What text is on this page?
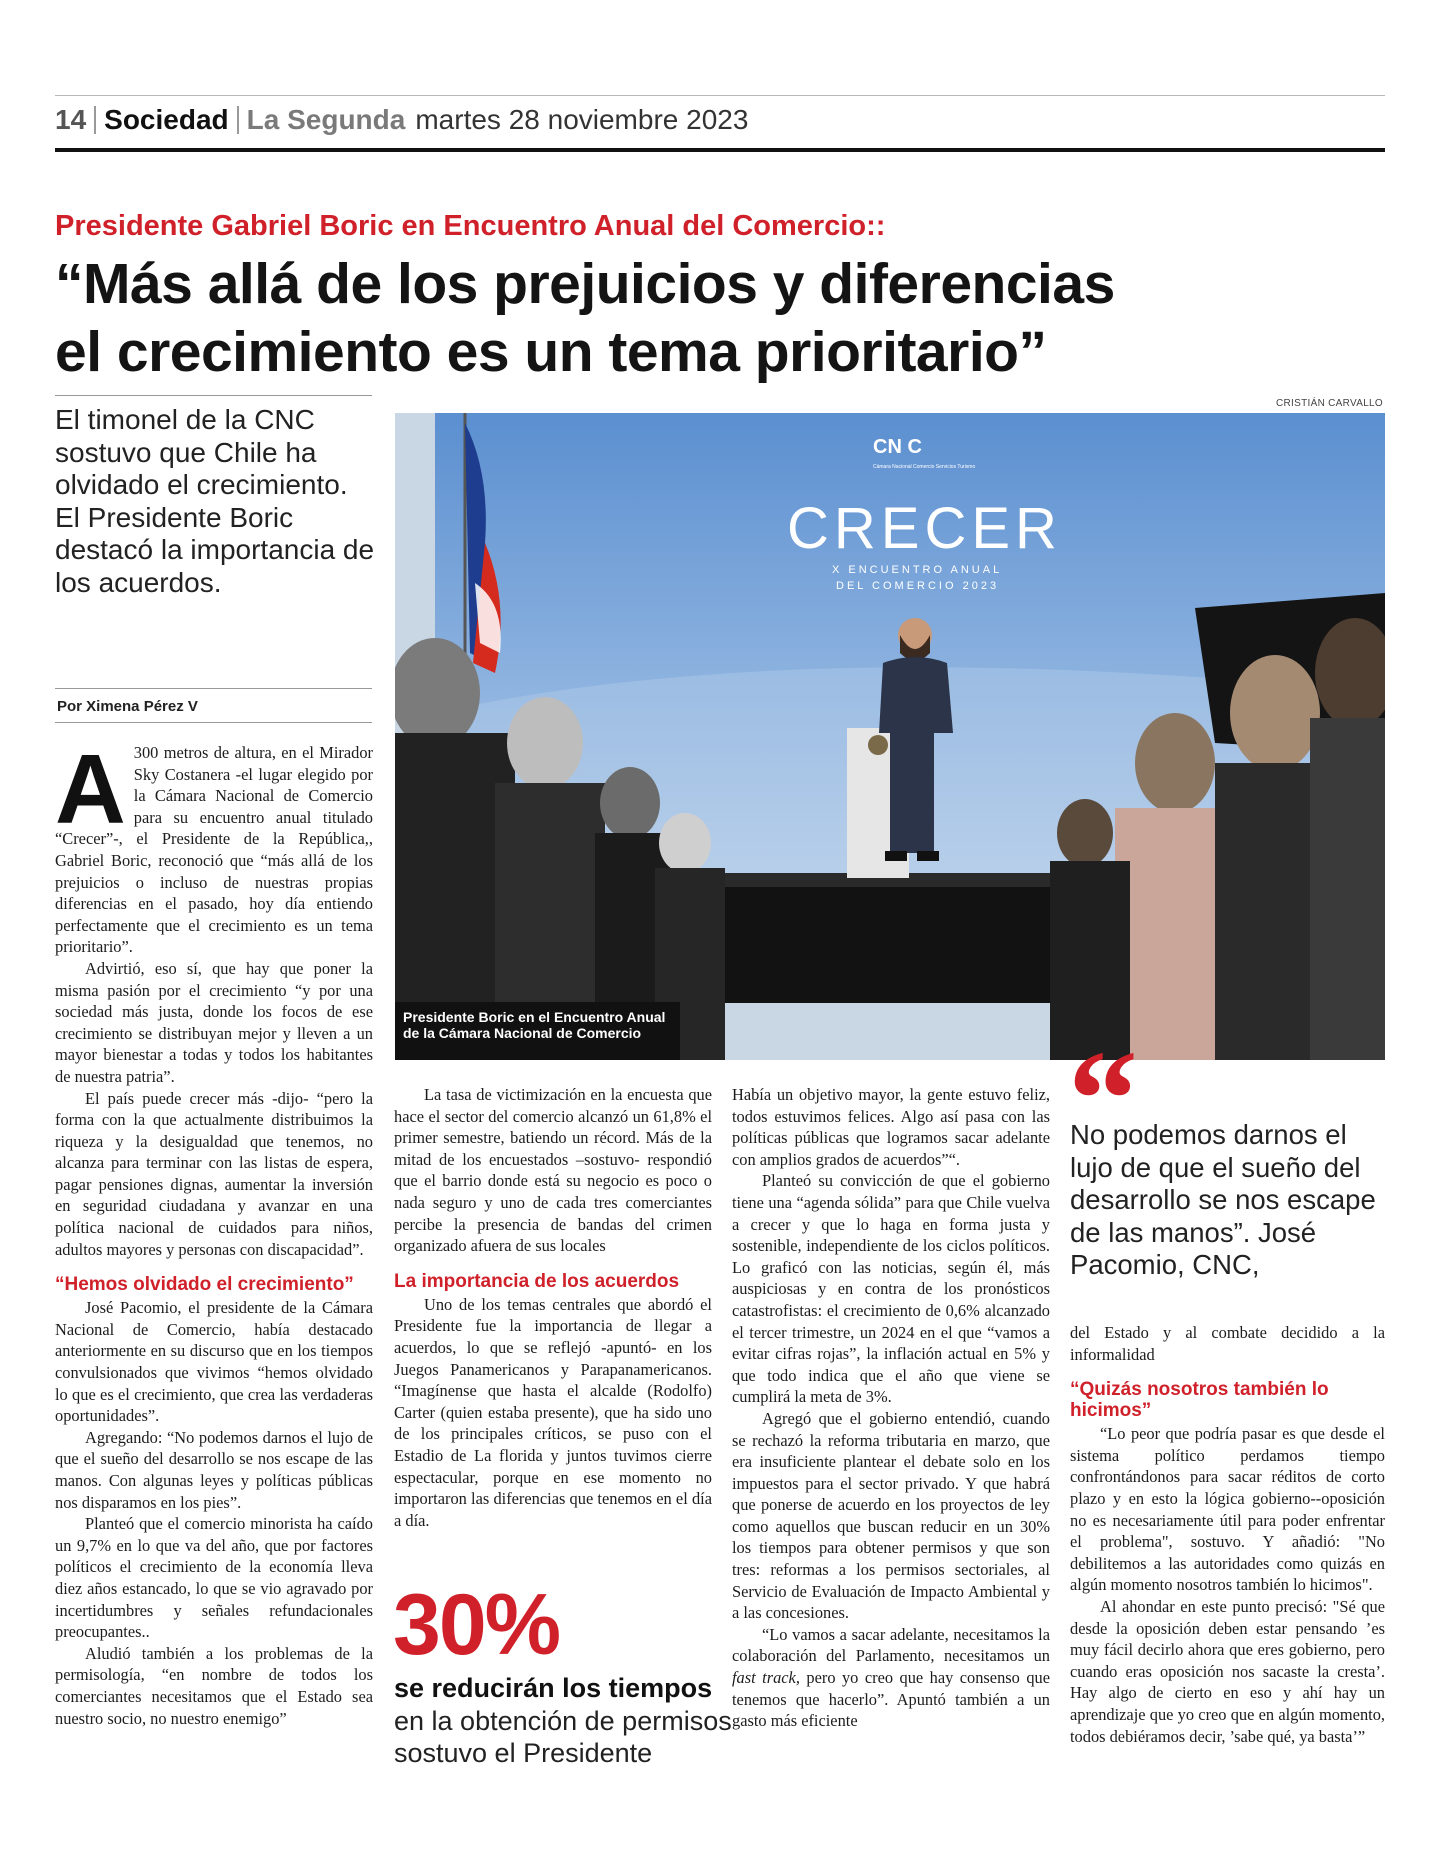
14 Sociedad La Segunda martes 28 noviembre 2023
Presidente Gabriel Boric en Encuentro Anual del Comercio::
“Más allá de los prejuicios y diferencias
el crecimiento es un tema prioritario”
El timonel de la CNC sostuvo que Chile ha olvidado el crecimiento. El Presidente Boric destacó la importancia de los acuerdos.
Por Ximena Pérez V
CRISTIÁN CARVALLO
CN C
Cámara Nacional Comercio Servicios Turismo
CRECER
X ENCUENTRO ANUAL
DEL COMERCIO 2023
Presidente Boric en el Encuentro Anual de la Cámara Nacional de Comercio

A 300 metros de altura, en el Mirador Sky Costanera -el lugar elegido por la Cámara Nacional de Comercio para su encuentro anual titulado “Crecer”-, el Presidente de la República,, Gabriel Boric, reconoció que “más allá de los prejuicios o incluso de nuestras propias diferencias en el pasado, hoy día entiendo perfectamente que el crecimiento es un tema prioritario”.

Advirtió, eso sí, que hay que poner la misma pasión por el crecimiento “y por una sociedad más justa, donde los focos de ese crecimiento se distribuyan mejor y lleven a un mayor bienestar a todas y todos los habitantes de nuestra patria”.

El país puede crecer más -dijo- “pero la forma con la que actualmente distribuimos la riqueza y la desigualdad que tenemos, no alcanza para terminar con las listas de espera, pagar pensiones dignas, aumentar la inversión en seguridad ciudadana y avanzar en una política nacional de cuidados para niños, adultos mayores y personas con discapacidad”.

“Hemos olvidado el crecimiento”

José Pacomio, el presidente de la Cámara Nacional de Comercio, había destacado anteriormente en su discurso que en los tiempos convulsionados que vivimos “hemos olvidado lo que es el crecimiento, que crea las verdaderas oportunidades”.

Agregando: “No podemos darnos el lujo de que el sueño del desarrollo se nos escape de las manos. Con algunas leyes y políticas públicas nos disparamos en los pies”.

Planteó que el comercio minorista ha caído un 9,7% en lo que va del año, que por factores políticos el crecimiento de la economía lleva diez años estancado, lo que se vio agravado por incertidumbres y señales refundacionales preocupantes..

Aludió también a los problemas de la permisología, “en nombre de todos los comerciantes necesitamos que el Estado sea nuestro socio, no nuestro enemigo”

La tasa de victimización en la encuesta que hace el sector del comercio alcanzó un 61,8% el primer semestre, batiendo un récord. Más de la mitad de los encuestados –sostuvo- respondió que el barrio donde está su negocio es poco o nada seguro y uno de cada tres comerciantes percibe la presencia de bandas del crimen organizado afuera de sus locales

La importancia de los acuerdos

Uno de los temas centrales que abordó el Presidente fue la importancia de llegar a acuerdos, lo que se reflejó -apuntó- en los Juegos Panamericanos y Parapanamericanos. “Imagínense que hasta el alcalde (Rodolfo) Carter (quien estaba presente), que ha sido uno de los principales críticos, se puso con el Estadio de La florida y juntos tuvimos cierre espectacular, porque en ese momento no importaron las diferencias que tenemos en el día a día.

30%
se reducirán los tiempos en la obtención de permisos sostuvo el Presidente

Había un objetivo mayor, la gente estuvo feliz, todos estuvimos felices. Algo así pasa con las políticas públicas que logramos sacar adelante con amplios grados de acuerdos”“.

Planteó su convicción de que el gobierno tiene una “agenda sólida” para que Chile vuelva a crecer y que lo haga en forma justa y sostenible, independiente de los ciclos políticos. Lo graficó con las noticias, según él, más auspiciosas y en contra de los pronósticos catastrofistas: el crecimiento de 0,6% alcanzado el tercer trimestre, un 2024 en el que “vamos a evitar cifras rojas”, la inflación actual en 5% y que todo indica que el año que viene se cumplirá la meta de 3%.

Agregó que el gobierno entendió, cuando se rechazó la reforma tributaria en marzo, que era insuficiente plantear el debate solo en los impuestos para el sector privado. Y que habrá que ponerse de acuerdo en los proyectos de ley como aquellos que buscan reducir en un 30% los tiempos para obtener permisos y que son tres: reformas a los permisos sectoriales, al Servicio de Evaluación de Impacto Ambiental y a las concesiones.

“Lo vamos a sacar adelante, necesitamos la colaboración del Parlamento, necesitamos un fast track, pero yo creo que hay consenso que tenemos que hacerlo”. Apuntó también a un gasto más eficiente

“
No podemos darnos el lujo de que el sueño del desarrollo se nos escape de las manos”. José Pacomio, CNC,

del Estado y al combate decidido a la informalidad

“Quizás nosotros también lo hicimos”

“Lo peor que podría pasar es que desde el sistema político perdamos tiempo confrontándonos para sacar réditos de corto plazo y en esto la lógica gobierno--oposición no es necesariamente útil para poder enfrentar el problema", sostuvo. Y añadió: "No debilitemos a las autoridades como quizás en algún momento nosotros también lo hicimos".

Al ahondar en este punto precisó: "Sé que desde la oposición deben estar pensando ’es muy fácil decirlo ahora que eres gobierno, pero cuando eras oposición nos sacaste la cresta’. Hay algo de cierto en eso y ahí hay un aprendizaje que yo creo que en algún momento, todos debiéramos decir, ’sabe qué, ya basta’”
